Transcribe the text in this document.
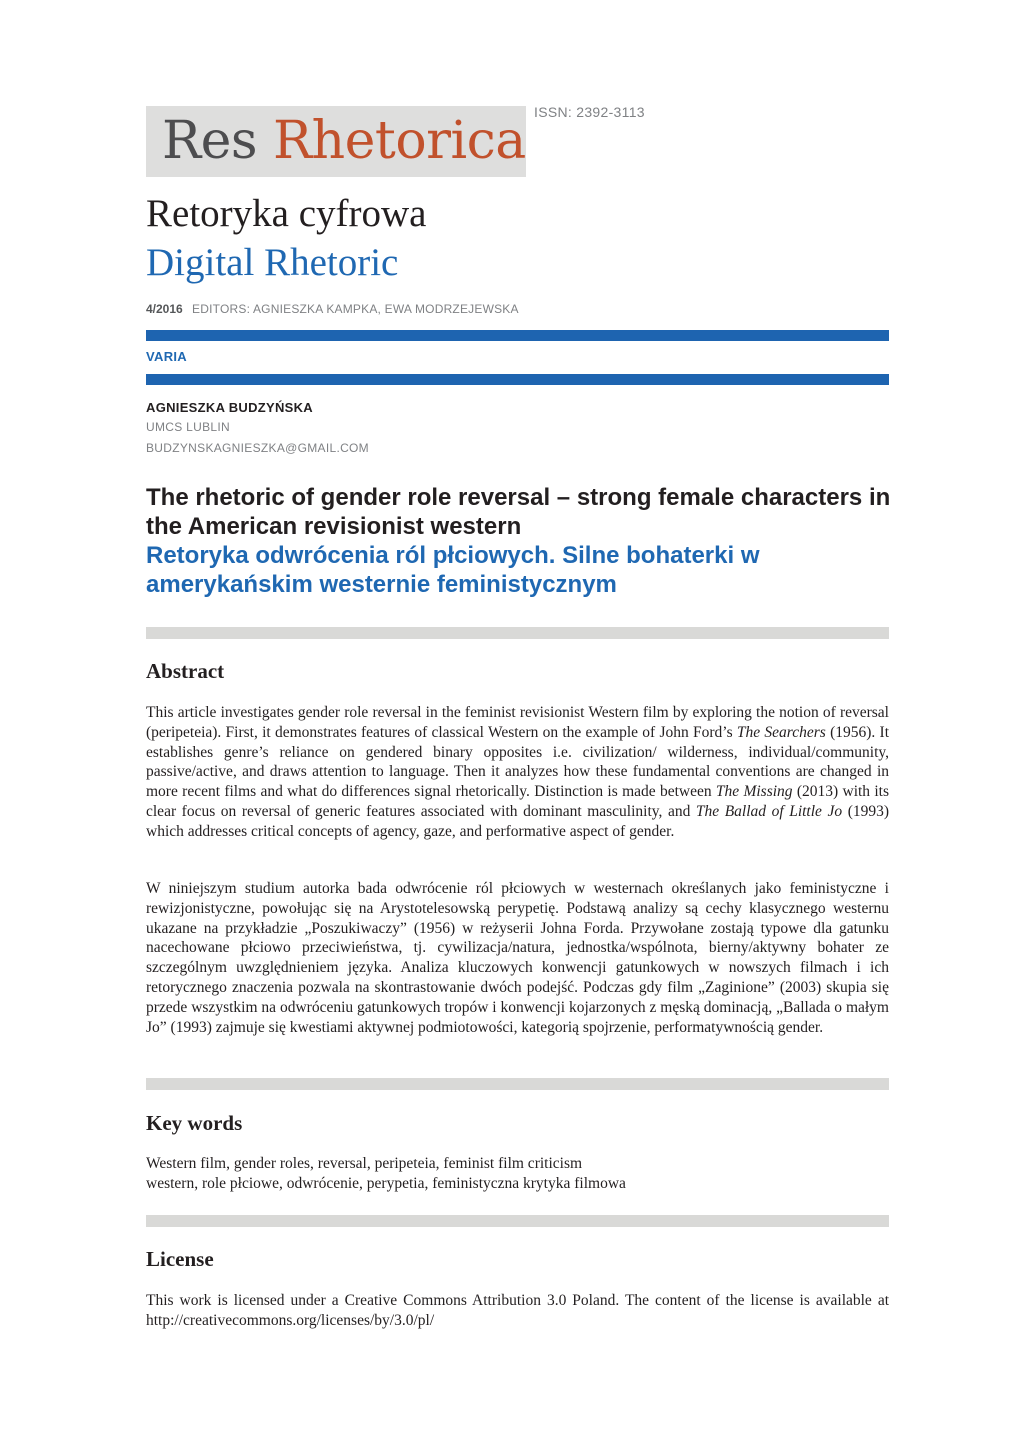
Res Rhetorica ISSN: 2392-3113
Retoryka cyfrowa
Digital Rhetoric
4/2016 EDITORS: AGNIESZKA KAMPKA, EWA MODRZEJEWSKA
VARIA
AGNIESZKA BUDZYŃSKA
UMCS LUBLIN
BUDZYNSKAGNIESZKA@GMAIL.COM
The rhetoric of gender role reversal – strong female characters in the American revisionist western
Retoryka odwrócenia ról płciowych. Silne bohaterki w amerykańskim westernie feministycznym
Abstract
This article investigates gender role reversal in the feminist revisionist Western film by exploring the notion of reversal (peripeteia). First, it demonstrates features of classical Western on the example of John Ford’s The Searchers (1956). It establishes genre’s reliance on gendered binary opposites i.e. civilization/ wilderness, individual/community, passive/active, and draws attention to language. Then it analyzes how these fundamental conventions are changed in more recent films and what do differences signal rhetorically. Distinction is made between The Missing (2013) with its clear focus on reversal of generic features associated with dominant masculinity, and The Ballad of Little Jo (1993) which addresses critical concepts of agency, gaze, and performative aspect of gender.
W niniejszym studium autorka bada odwrócenie ról płciowych w westernach określanych jako feministyczne i rewizjonistyczne, powołując się na Arystotelesowską perypetię. Podstawą analizy są cechy klasycznego westernu ukazane na przykładzie „Poszukiwaczy” (1956) w reżyserii Johna Forda. Przywołane zostają typowe dla gatunku nacechowane płciowo przeciwieństwa, tj. cywilizacja/natura, jednostka/wspólnota, bierny/aktywny bohater ze szczególnym uwzględnieniem języka. Analiza kluczowych konwencji gatunkowych w nowszych filmach i ich retorycznego znaczenia pozwala na skontrastowanie dwóch podejść. Podczas gdy film „Zaginione” (2003) skupia się przede wszystkim na odwróceniu gatunkowych tropów i konwencji kojarzonych z męską dominacją, „Ballada o małym Jo” (1993) zajmuje się kwestiami aktywnej podmiotowości, kategorią spojrzenie, performatywnością gender.
Key words
Western film, gender roles, reversal, peripeteia, feminist film criticism
western, role płciowe, odwrócenie, perypetia, feministyczna krytyka filmowa
License
This work is licensed under a Creative Commons Attribution 3.0 Poland. The content of the license is available at http://creativecommons.org/licenses/by/3.0/pl/
